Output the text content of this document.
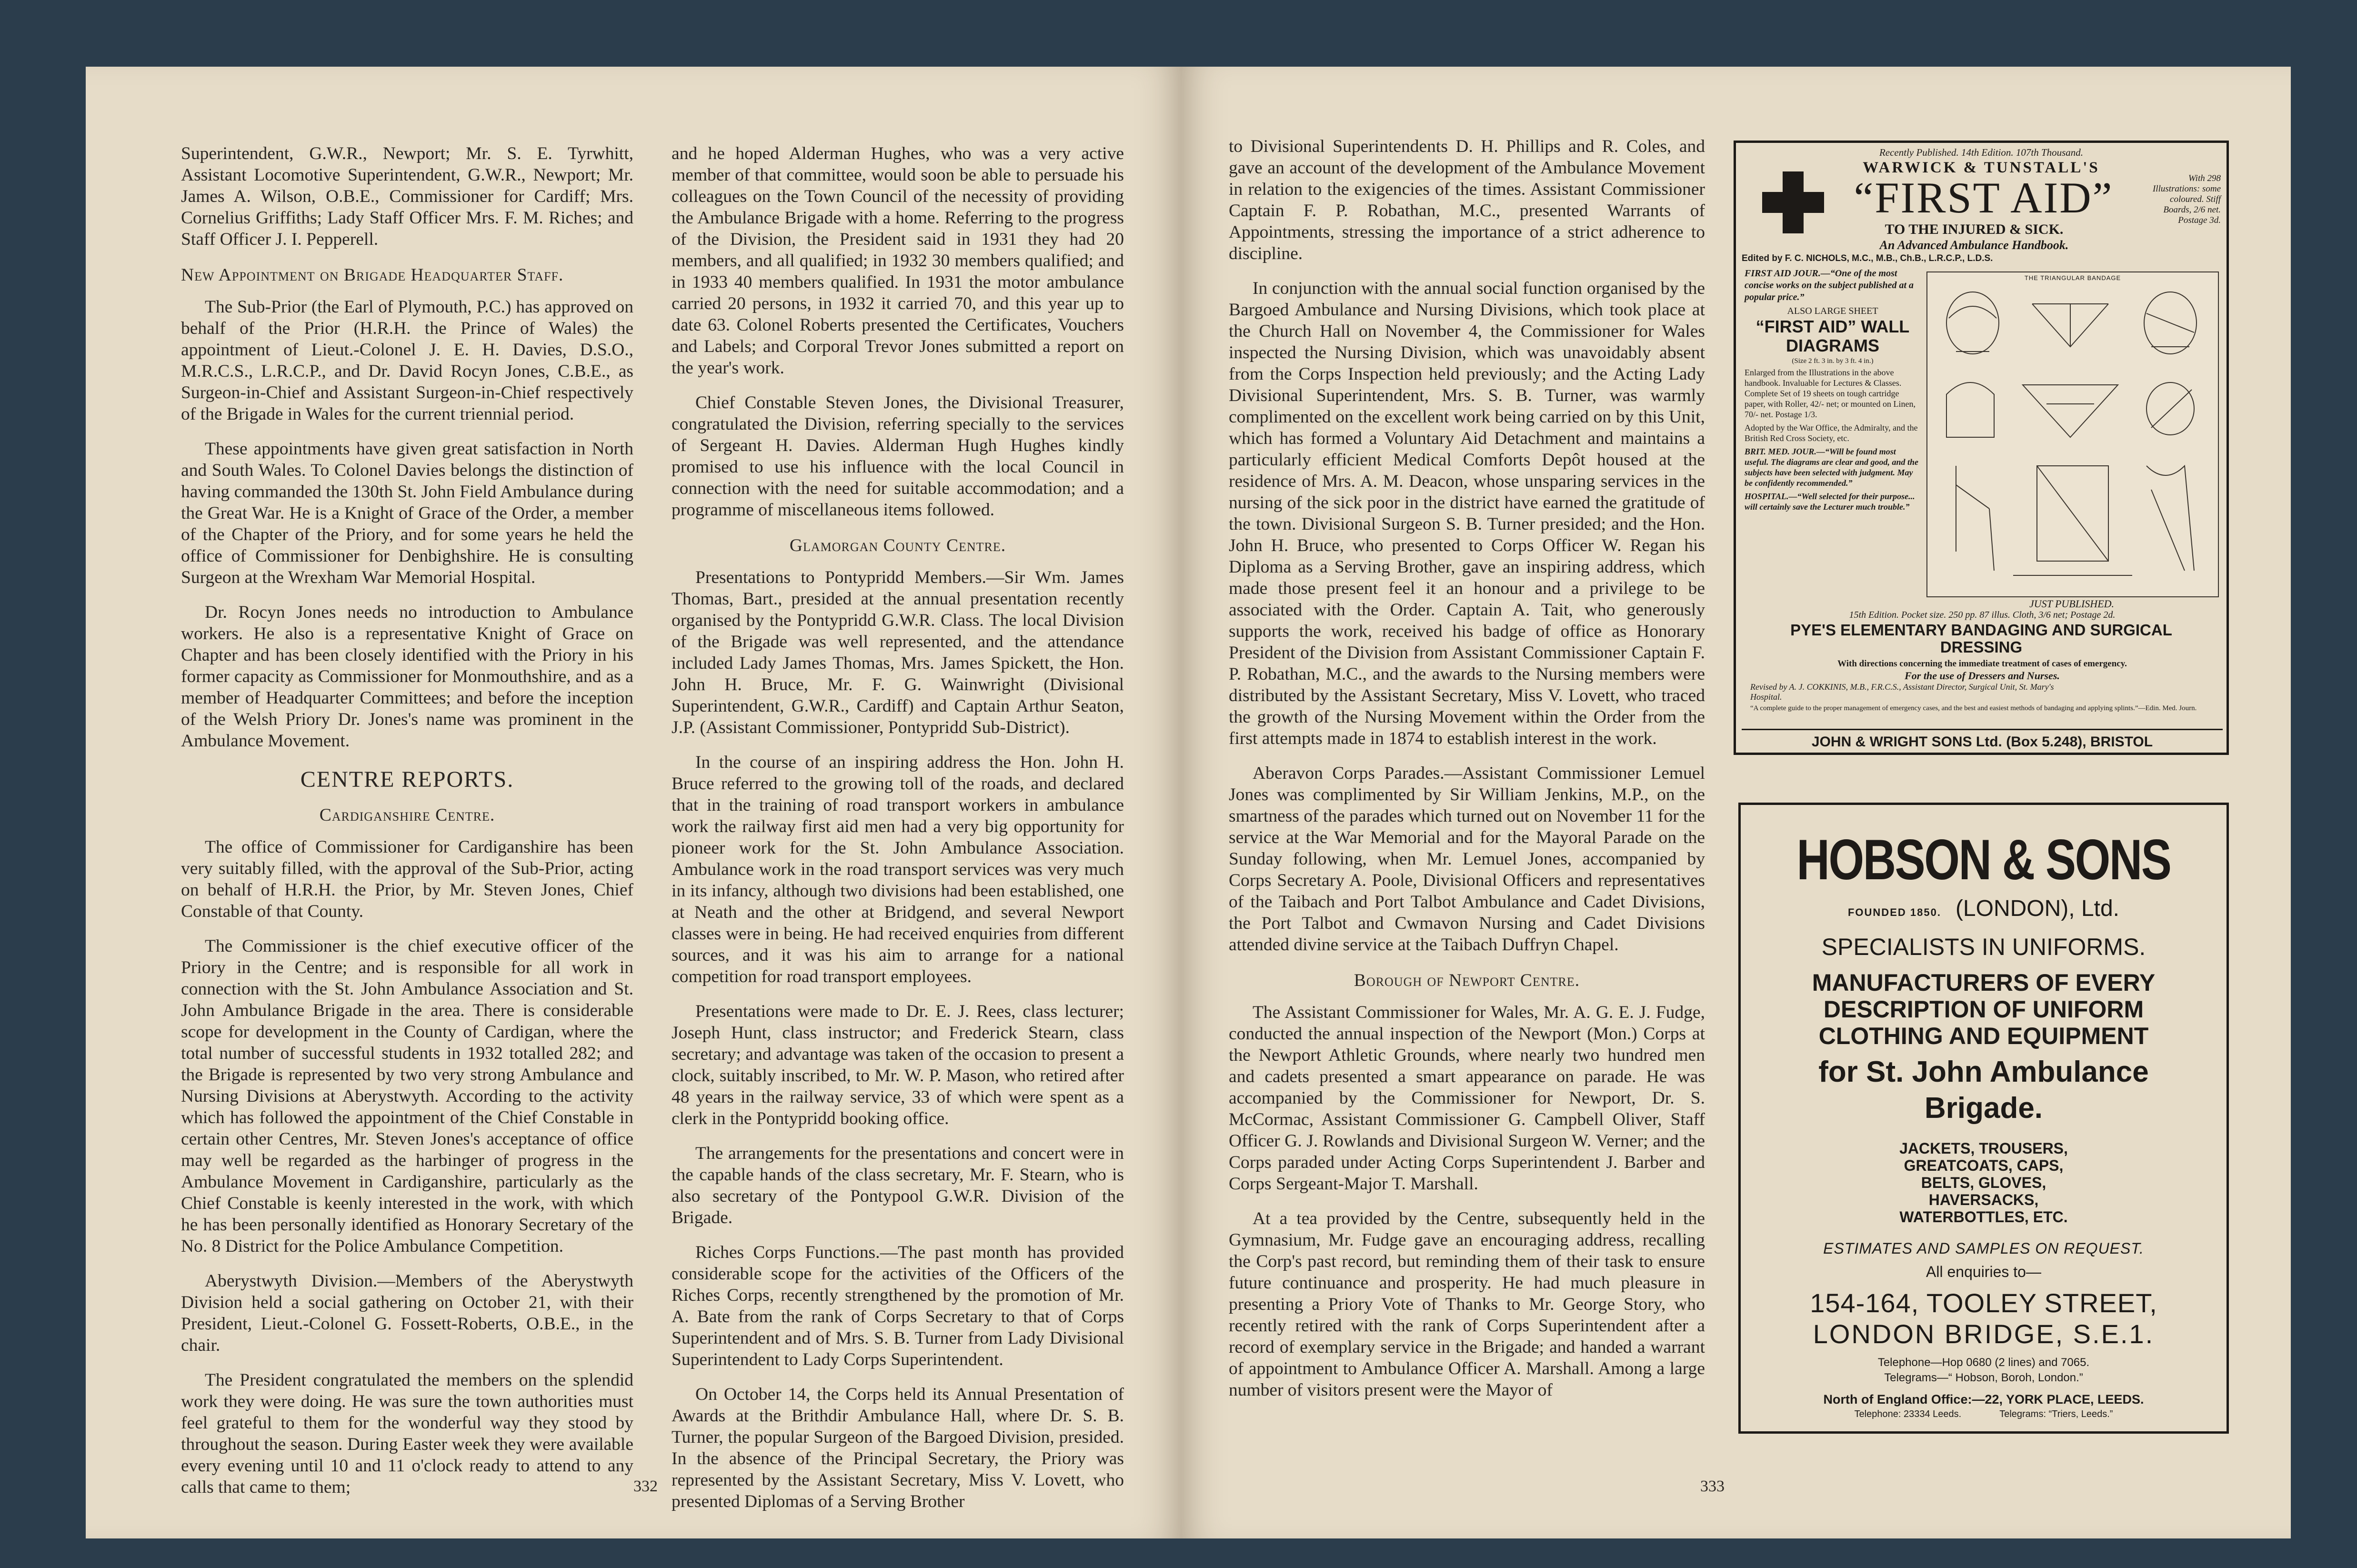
Superintendent, G.W.R., Newport; Mr. S. E. Tyrwhitt, Assistant Locomotive Superintendent, G.W.R., Newport; Mr. James A. Wilson, O.B.E., Commissioner for Cardiff; Mrs. Cornelius Griffiths; Lady Staff Officer Mrs. F. M. Riches; and Staff Officer J. I. Pepperell.

New Appointment on Brigade Headquarter Staff.

The Sub-Prior (the Earl of Plymouth, P.C.) has approved on behalf of the Prior (H.R.H. the Prince of Wales) the appointment of Lieut.-Colonel J. E. H. Davies, D.S.O., M.R.C.S., L.R.C.P., and Dr. David Rocyn Jones, C.B.E., as Surgeon-in-Chief and Assistant Surgeon-in-Chief respectively of the Brigade in Wales for the current triennial period.

These appointments have given great satisfaction in North and South Wales. To Colonel Davies belongs the distinction of having commanded the 130th St. John Field Ambulance during the Great War. He is a Knight of Grace of the Order, a member of the Chapter of the Priory, and for some years he held the office of Commissioner for Denbighshire. He is consulting Surgeon at the Wrexham War Memorial Hospital.

Dr. Rocyn Jones needs no introduction to Ambulance workers. He also is a representative Knight of Grace on Chapter and has been closely identified with the Priory in his former capacity as Commissioner for Monmouthshire, and as a member of Headquarter Committees; and before the inception of the Welsh Priory Dr. Jones's name was prominent in the Ambulance Movement.

CENTRE REPORTS.

Cardiganshire Centre.

The office of Commissioner for Cardiganshire has been very suitably filled, with the approval of the Sub-Prior, acting on behalf of H.R.H. the Prior, by Mr. Steven Jones, Chief Constable of that County.

The Commissioner is the chief executive officer of the Priory in the Centre; and is responsible for all work in connection with the St. John Ambulance Association and St. John Ambulance Brigade in the area. There is considerable scope for development in the County of Cardigan, where the total number of successful students in 1932 totalled 282; and the Brigade is represented by two very strong Ambulance and Nursing Divisions at Aberystwyth. According to the activity which has followed the appointment of the Chief Constable in certain other Centres, Mr. Steven Jones's acceptance of office may well be regarded as the harbinger of progress in the Ambulance Movement in Cardiganshire, particularly as the Chief Constable is keenly interested in the work, with which he has been personally identified as Honorary Secretary of the No. 8 District for the Police Ambulance Competition.

Aberystwyth Division.—Members of the Aberystwyth Division held a social gathering on October 21, with their President, Lieut.-Colonel G. Fossett-Roberts, O.B.E., in the chair.

The President congratulated the members on the splendid work they were doing. He was sure the town authorities must feel grateful to them for the wonderful way they stood by throughout the season. During Easter week they were available every evening until 10 and 11 o'clock ready to attend to any calls that came to them;

and he hoped Alderman Hughes, who was a very active member of that committee, would soon be able to persuade his colleagues on the Town Council of the necessity of providing the Ambulance Brigade with a home. Referring to the progress of the Division, the President said in 1931 they had 20 members, and all qualified; in 1932 30 members qualified; and in 1933 40 members qualified. In 1931 the motor ambulance carried 20 persons, in 1932 it carried 70, and this year up to date 63. Colonel Roberts presented the Certificates, Vouchers and Labels; and Corporal Trevor Jones submitted a report on the year's work.

Chief Constable Steven Jones, the Divisional Treasurer, congratulated the Division, referring specially to the services of Sergeant H. Davies. Alderman Hugh Hughes kindly promised to use his influence with the local Council in connection with the need for suitable accommodation; and a programme of miscellaneous items followed.

Glamorgan County Centre.

Presentations to Pontypridd Members.—Sir Wm. James Thomas, Bart., presided at the annual presentation recently organised by the Pontypridd G.W.R. Class. The local Division of the Brigade was well represented, and the attendance included Lady James Thomas, Mrs. James Spickett, the Hon. John H. Bruce, Mr. F. G. Wainwright (Divisional Superintendent, G.W.R., Cardiff) and Captain Arthur Seaton, J.P. (Assistant Commissioner, Pontypridd Sub-District).

In the course of an inspiring address the Hon. John H. Bruce referred to the growing toll of the roads, and declared that in the training of road transport workers in ambulance work the railway first aid men had a very big opportunity for pioneer work for the St. John Ambulance Association. Ambulance work in the road transport services was very much in its infancy, although two divisions had been established, one at Neath and the other at Bridgend, and several Newport classes were in being. He had received enquiries from different sources, and it was his aim to arrange for a national competition for road transport employees.

Presentations were made to Dr. E. J. Rees, class lecturer; Joseph Hunt, class instructor; and Frederick Stearn, class secretary; and advantage was taken of the occasion to present a clock, suitably inscribed, to Mr. W. P. Mason, who retired after 48 years in the railway service, 33 of which were spent as a clerk in the Pontypridd booking office.

The arrangements for the presentations and concert were in the capable hands of the class secretary, Mr. F. Stearn, who is also secretary of the Pontypool G.W.R. Division of the Brigade.

Riches Corps Functions.—The past month has provided considerable scope for the activities of the Officers of the Riches Corps, recently strengthened by the promotion of Mr. A. Bate from the rank of Corps Secretary to that of Corps Superintendent and of Mrs. S. B. Turner from Lady Divisional Superintendent to Lady Corps Superintendent.

On October 14, the Corps held its Annual Presentation of Awards at the Brithdir Ambulance Hall, where Dr. S. B. Turner, the popular Surgeon of the Bargoed Division, presided. In the absence of the Principal Secretary, the Priory was represented by the Assistant Secretary, Miss V. Lovett, who presented Diplomas of a Serving Brother

332

to Divisional Superintendents D. H. Phillips and R. Coles, and gave an account of the development of the Ambulance Movement in relation to the exigencies of the times. Assistant Commissioner Captain F. P. Robathan, M.C., presented Warrants of Appointments, stressing the importance of a strict adherence to discipline.

In conjunction with the annual social function organised by the Bargoed Ambulance and Nursing Divisions, which took place at the Church Hall on November 4, the Commissioner for Wales inspected the Nursing Division, which was unavoidably absent from the Corps Inspection held previously; and the Acting Lady Divisional Superintendent, Mrs. S. B. Turner, was warmly complimented on the excellent work being carried on by this Unit, which has formed a Voluntary Aid Detachment and maintains a particularly efficient Medical Comforts Depôt housed at the residence of Mrs. A. M. Deacon, whose unsparing services in the nursing of the sick poor in the district have earned the gratitude of the town. Divisional Surgeon S. B. Turner presided; and the Hon. John H. Bruce, who presented to Corps Officer W. Regan his Diploma as a Serving Brother, gave an inspiring address, which made those present feel it an honour and a privilege to be associated with the Order. Captain A. Tait, who generously supports the work, received his badge of office as Honorary President of the Division from Assistant Commissioner Captain F. P. Robathan, M.C., and the awards to the Nursing members were distributed by the Assistant Secretary, Miss V. Lovett, who traced the growth of the Nursing Movement within the Order from the first attempts made in 1874 to establish interest in the work.

Aberavon Corps Parades.—Assistant Commissioner Lemuel Jones was complimented by Sir William Jenkins, M.P., on the smartness of the parades which turned out on November 11 for the service at the War Memorial and for the Mayoral Parade on the Sunday following, when Mr. Lemuel Jones, accompanied by Corps Secretary A. Poole, Divisional Officers and representatives of the Taibach and Port Talbot Ambulance and Cadet Divisions, the Port Talbot and Cwmavon Nursing and Cadet Divisions attended divine service at the Taibach Duffryn Chapel.

Borough of Newport Centre.

The Assistant Commissioner for Wales, Mr. A. G. E. J. Fudge, conducted the annual inspection of the Newport (Mon.) Corps at the Newport Athletic Grounds, where nearly two hundred men and cadets presented a smart appearance on parade. He was accompanied by the Commissioner for Newport, Dr. S. McCormac, Assistant Commissioner G. Campbell Oliver, Staff Officer G. J. Rowlands and Divisional Surgeon W. Verner; and the Corps paraded under Acting Corps Superintendent J. Barber and Corps Sergeant-Major T. Marshall.

At a tea provided by the Centre, subsequently held in the Gymnasium, Mr. Fudge gave an encouraging address, recalling the Corp's past record, but reminding them of their task to ensure future continuance and prosperity. He had much pleasure in presenting a Priory Vote of Thanks to Mr. George Story, who recently retired with the rank of Corps Superintendent after a record of exemplary service in the Brigade; and handed a warrant of appointment to Ambulance Officer A. Marshall. Among a large number of visitors present were the Mayor of

333
Recently Published. 14th Edition. 107th Thousand.
WARWICK & TUNSTALL'S
“FIRST AID”	With 298 Illustrations: some coloured. Stiff Boards, 2/6 net. Postage 3d.
TO THE INJURED & SICK.
An Advanced Ambulance Handbook.
Edited by F. C. NICHOLS, M.C., M.B., Ch.B., L.R.C.P., L.D.S.
FIRST AID JOUR.—“One of the most concise works on the subject published at a popular price.”
ALSO LARGE SHEET
“FIRST AID” WALL DIAGRAMS
(Size 2 ft. 3 in. by 3 ft. 4 in.)
Enlarged from the Illustrations in the above handbook. Invaluable for Lectures & Classes. Complete Set of 19 sheets on tough cartridge paper, with Roller, 42/- net; or mounted on Linen, 70/- net. Postage 1/3.
Adopted by the War Office, the Admiralty, and the British Red Cross Society, etc.
BRIT. MED. JOUR.—“Will be found most useful. The diagrams are clear and good, and the subjects have been selected with judgment. May be confidently recommended.”
HOSPITAL.—“Well selected for their purpose... will certainly save the Lecturer much trouble.”
THE TRIANGULAR BANDAGE
JUST PUBLISHED.
15th Edition. Pocket size. 250 pp. 87 illus. Cloth, 3/6 net; Postage 2d.
PYE'S ELEMENTARY BANDAGING AND SURGICAL DRESSING
With directions concerning the immediate treatment of cases of emergency.
For the use of Dressers and Nurses.
Revised by A. J. COKKINIS, M.B., F.R.C.S., Assistant Director, Surgical Unit, St. Mary's Hospital.
“A complete guide to the proper management of emergency cases, and the best and easiest methods of bandaging and applying splints.”—Edin. Med. Journ.
JOHN & WRIGHT SONS Ltd. (Box 5.248), BRISTOL
HOBSON & SONS
FOUNDED 1850. (LONDON), Ltd.
SPECIALISTS IN UNIFORMS.
MANUFACTURERS OF EVERY DESCRIPTION OF UNIFORM CLOTHING AND EQUIPMENT
for St. John Ambulance Brigade.
JACKETS, TROUSERS, GREATCOATS, CAPS, BELTS, GLOVES, HAVERSACKS, WATERBOTTLES, ETC.
ESTIMATES AND SAMPLES ON REQUEST.
All enquiries to—
154-164, TOOLEY STREET,
LONDON BRIDGE, S.E.1.
Telephone—Hop 0680 (2 lines) and 7065.
Telegrams—“ Hobson, Boroh, London.”
North of England Office:—22, YORK PLACE, LEEDS.
Telephone: 23334 Leeds.	Telegrams: “Triers, Leeds.”
